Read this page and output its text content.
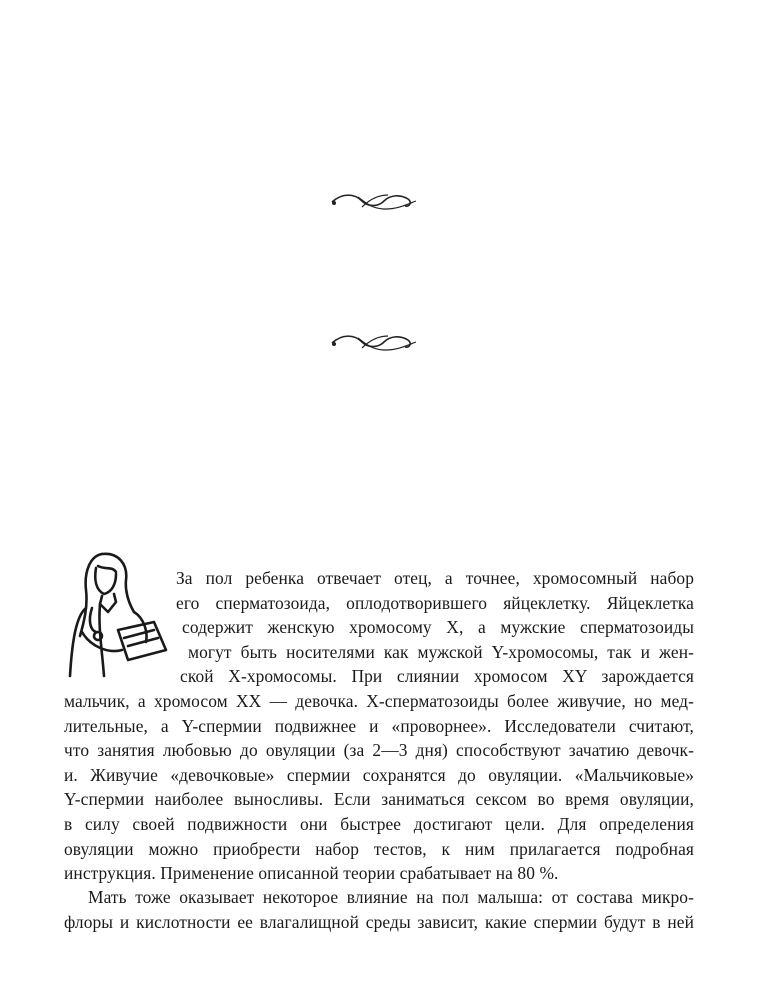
За пол ребенка отвечает отец, а точнее, хромосомный набор
его сперматозоида, оплодотворившего яйцеклетку. Яйцеклетка
содержит женскую хромосому X, а мужские сперматозоиды
могут быть носителями как мужской Y-хромосомы, так и жен-
ской X-хромосомы. При слиянии хромосом XY зарождается
мальчик, а хромосом XX — девочка. X-сперматозоиды более живучие, но мед-
лительные, а Y-спермии подвижнее и «проворнее». Исследователи считают,
что занятия любовью до овуляции (за 2—3 дня) способствуют зачатию девочк-
и. Живучие «девочковые» спермии сохранятся до овуляции. «Мальчиковые»
Y-спермии наиболее выносливы. Если заниматься сексом во время овуляции,
в силу своей подвижности они быстрее достигают цели. Для определения
овуляции можно приобрести набор тестов, к ним прилагается подробная
инструкция. Применение описанной теории срабатывает на 80 %.
Мать тоже оказывает некоторое влияние на пол малыша: от состава микро-
флоры и кислотности ее влагалищной среды зависит, какие спермии будут в ней
